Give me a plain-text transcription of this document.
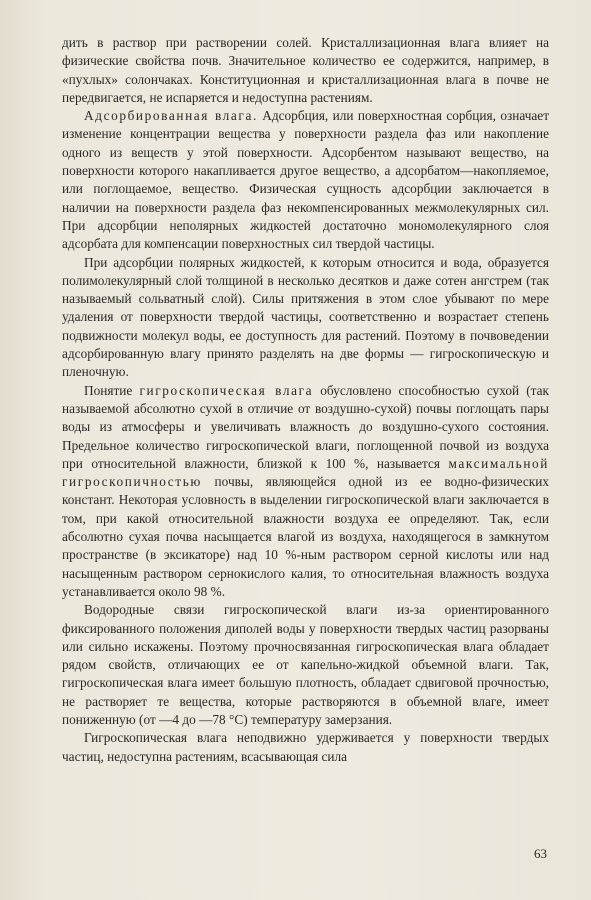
дить в раствор при растворении солей. Кристаллизационная влага влияет на физические свойства почв. Значительное количество ее содержится, например, в «пухлых» солончаках. Конституционная и кристаллизационная влага в почве не передвигается, не испаряется и недоступна растениям.

Адсорбированная влага. Адсорбция, или поверхностная сорбция, означает изменение концентрации вещества у поверхности раздела фаз или накопление одного из веществ у этой поверхности. Адсорбентом называют вещество, на поверхности которого накапливается другое вещество, а адсорбатом—накопляемое, или поглощаемое, вещество. Физическая сущность адсорбции заключается в наличии на поверхности раздела фаз некомпенсированных межмолекулярных сил. При адсорбции неполярных жидкостей достаточно мономолекулярного слоя адсорбата для компенсации поверхностных сил твердой частицы.

При адсорбции полярных жидкостей, к которым относится и вода, образуется полимолекулярный слой толщиной в несколько десятков и даже сотен ангстрем (так называемый сольватный слой). Силы притяжения в этом слое убывают по мере удаления от поверхности твердой частицы, соответственно и возрастает степень подвижности молекул воды, ее доступность для растений. Поэтому в почвоведении адсорбированную влагу принято разделять на две формы — гигроскопическую и пленочную.

Понятие гигроскопическая влага обусловлено способностью сухой (так называемой абсолютно сухой в отличие от воздушно-сухой) почвы поглощать пары воды из атмосферы и увеличивать влажность до воздушно-сухого состояния. Предельное количество гигроскопической влаги, поглощенной почвой из воздуха при относительной влажности, близкой к 100 %, называется максимальной гигроскопичностью почвы, являющейся одной из ее водно-физических констант. Некоторая условность в выделении гигроскопической влаги заключается в том, при какой относительной влажности воздуха ее определяют. Так, если абсолютно сухая почва насыщается влагой из воздуха, находящегося в замкнутом пространстве (в эксикаторе) над 10 %-ным раствором серной кислоты или над насыщенным раствором сернокислого калия, то относительная влажность воздуха устанавливается около 98 %.

Водородные связи гигроскопической влаги из-за ориентированного фиксированного положения диполей воды у поверхности твердых частиц разорваны или сильно искажены. Поэтому прочносвязанная гигроскопическая влага обладает рядом свойств, отличающих ее от капельно-жидкой объемной влаги. Так, гигроскопическая влага имеет большую плотность, обладает сдвиговой прочностью, не растворяет те вещества, которые растворяются в объемной влаге, имеет пониженную (от —4 до —78 °C) температуру замерзания.

Гигроскопическая влага неподвижно удерживается у поверхности твердых частиц, недоступна растениям, всасывающая сила

63
